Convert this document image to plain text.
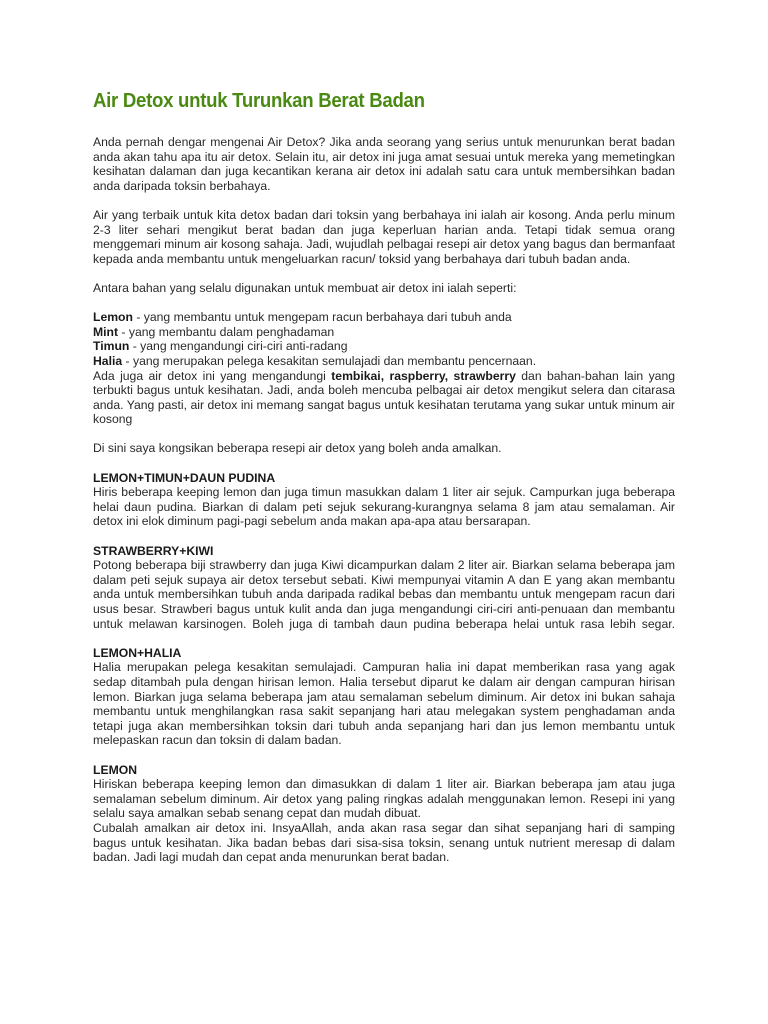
Air Detox untuk Turunkan Berat Badan

Anda pernah dengar mengenai Air Detox? Jika anda seorang yang serius untuk menurunkan berat badan anda akan tahu apa itu air detox. Selain itu, air detox ini juga amat sesuai untuk mereka yang memetingkan kesihatan dalaman dan juga kecantikan kerana air detox ini adalah satu cara untuk membersihkan badan anda daripada toksin berbahaya.

Air yang terbaik untuk kita detox badan dari toksin yang berbahaya ini ialah air kosong. Anda perlu minum 2-3 liter sehari mengikut berat badan dan juga keperluan harian anda. Tetapi tidak semua orang menggemari minum air kosong sahaja. Jadi, wujudlah pelbagai resepi air detox yang bagus dan bermanfaat kepada anda membantu untuk mengeluarkan racun/ toksid yang berbahaya dari tubuh badan anda.

Antara bahan yang selalu digunakan untuk membuat air detox ini ialah seperti:

Lemon - yang membantu untuk mengepam racun berbahaya dari tubuh anda
Mint - yang membantu dalam penghadaman
Timun - yang mengandungi ciri-ciri anti-radang
Halia - yang merupakan pelega kesakitan semulajadi dan membantu pencernaan.

Ada juga air detox ini yang mengandungi tembikai, raspberry, strawberry dan bahan-bahan lain yang terbukti bagus untuk kesihatan. Jadi, anda boleh mencuba pelbagai air detox mengikut selera dan citarasa anda. Yang pasti, air detox ini memang sangat bagus untuk kesihatan terutama yang sukar untuk minum air kosong

Di sini saya kongsikan beberapa resepi air detox yang boleh anda amalkan.

LEMON+TIMUN+DAUN PUDINA

Hiris beberapa keeping lemon dan juga timun masukkan dalam 1 liter air sejuk. Campurkan juga beberapa helai daun pudina. Biarkan di dalam peti sejuk sekurang-kurangnya selama 8 jam atau semalaman. Air detox ini elok diminum pagi-pagi sebelum anda makan apa-apa atau bersarapan.

STRAWBERRY+KIWI

Potong beberapa biji strawberry dan juga Kiwi dicampurkan dalam 2 liter air. Biarkan selama beberapa jam dalam peti sejuk supaya air detox tersebut sebati. Kiwi mempunyai vitamin A dan E yang akan membantu anda untuk membersihkan tubuh anda daripada radikal bebas dan membantu untuk mengepam racun dari usus besar. Strawberi bagus untuk kulit anda dan juga mengandungi ciri-ciri anti-penuaan dan membantu untuk melawan karsinogen. Boleh juga di tambah daun pudina beberapa helai untuk rasa lebih segar.

LEMON+HALIA

Halia merupakan pelega kesakitan semulajadi. Campuran halia ini dapat memberikan rasa yang agak sedap ditambah pula dengan hirisan lemon. Halia tersebut diparut ke dalam air dengan campuran hirisan lemon. Biarkan juga selama beberapa jam atau semalaman sebelum diminum. Air detox ini bukan sahaja membantu untuk menghilangkan rasa sakit sepanjang hari atau melegakan system penghadaman anda tetapi juga akan membersihkan toksin dari tubuh anda sepanjang hari dan jus lemon membantu untuk melepaskan racun dan toksin di dalam badan.

LEMON

Hiriskan beberapa keeping lemon dan dimasukkan di dalam 1 liter air. Biarkan beberapa jam atau juga semalaman sebelum diminum. Air detox yang paling ringkas adalah menggunakan lemon. Resepi ini yang selalu saya amalkan sebab senang cepat dan mudah dibuat.

Cubalah amalkan air detox ini. InsyaAllah, anda akan rasa segar dan sihat sepanjang hari di samping bagus untuk kesihatan. Jika badan bebas dari sisa-sisa toksin, senang untuk nutrient meresap di dalam badan. Jadi lagi mudah dan cepat anda menurunkan berat badan.
